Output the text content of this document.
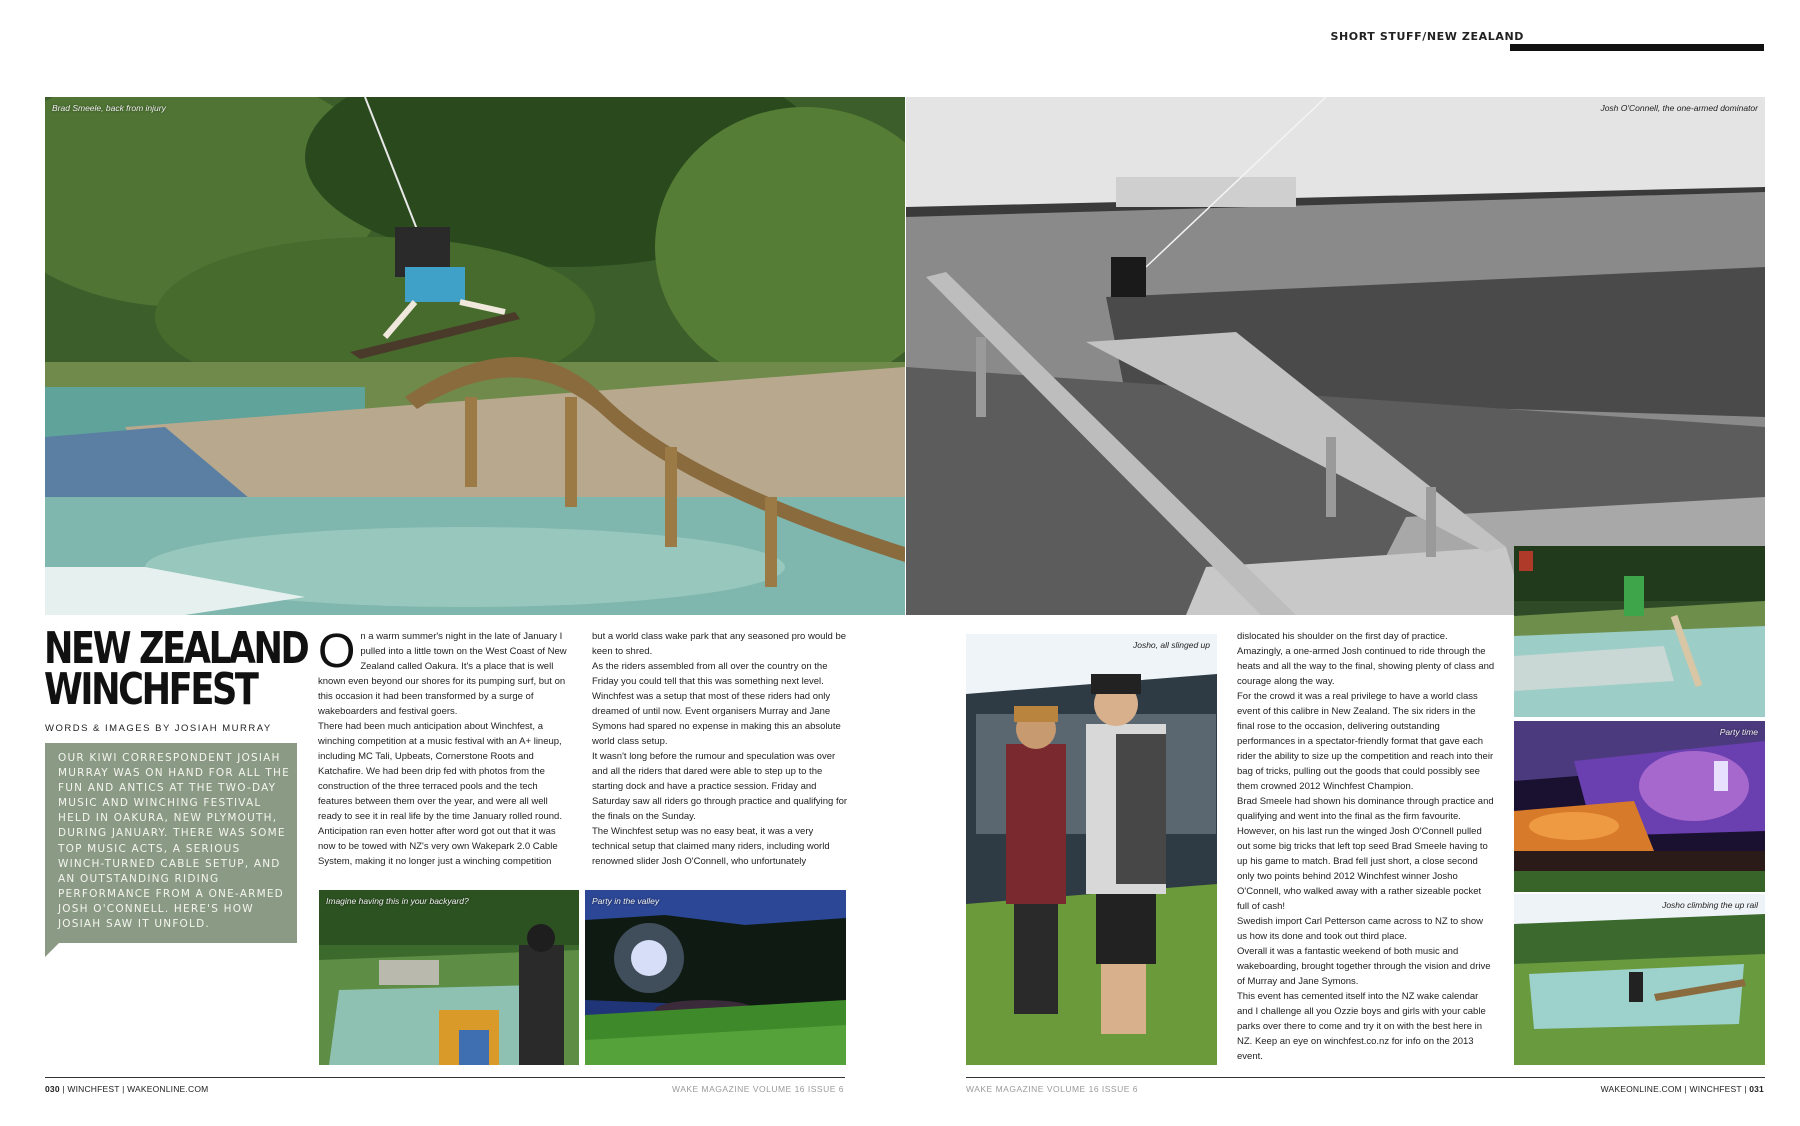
SHORT STUFF/NEW ZEALAND
Brad Smeele, back from injury	Josh O'Connell, the one-armed dominator
Imagine having this in your backyard?	Party in the valley
Josho, all slinged up
Party time
Josho climbing the up rail
NEW ZEALAND
WINCHFEST
WORDS & IMAGES BY JOSIAH MURRAY
OUR KIWI CORRESPONDENT JOSIAH MURRAY WAS ON HAND FOR ALL THE FUN AND ANTICS AT THE TWO-DAY MUSIC AND WINCHING FESTIVAL HELD IN OAKURA, NEW PLYMOUTH, DURING JANUARY. THERE WAS SOME TOP MUSIC ACTS, A SERIOUS WINCH-TURNED CABLE SETUP, AND AN OUTSTANDING RIDING PERFORMANCE FROM A ONE-ARMED JOSH O'CONNELL. HERE'S HOW JOSIAH SAW IT UNFOLD.
O n a warm summer's night in the late of January I pulled into a little town on the West Coast of New Zealand called Oakura. It's a place that is well known even beyond our shores for its pumping surf, but on this occasion it had been transformed by a surge of wakeboarders and festival goers.

There had been much anticipation about Winchfest, a winching competition at a music festival with an A+ lineup, including MC Tali, Upbeats, Cornerstone Roots and Katchafire. We had been drip fed with photos from the construction of the three terraced pools and the tech features between them over the year, and were all well ready to see it in real life by the time January rolled round. Anticipation ran even hotter after word got out that it was now to be towed with NZ's very own Wakepark 2.0 Cable System, making it no longer just a winching competition

but a world class wake park that any seasoned pro would be keen to shred.

As the riders assembled from all over the country on the Friday you could tell that this was something next level. Winchfest was a setup that most of these riders had only dreamed of until now. Event organisers Murray and Jane Symons had spared no expense in making this an absolute world class setup.

It wasn't long before the rumour and speculation was over and all the riders that dared were able to step up to the starting dock and have a practice session. Friday and Saturday saw all riders go through practice and qualifying for the finals on the Sunday.

The Winchfest setup was no easy beat, it was a very technical setup that claimed many riders, including world renowned slider Josh O'Connell, who unfortunately

dislocated his shoulder on the first day of practice. Amazingly, a one-armed Josh continued to ride through the heats and all the way to the final, showing plenty of class and courage along the way.

For the crowd it was a real privilege to have a world class event of this calibre in New Zealand. The six riders in the final rose to the occasion, delivering outstanding performances in a spectator-friendly format that gave each rider the ability to size up the competition and reach into their bag of tricks, pulling out the goods that could possibly see them crowned 2012 Winchfest Champion.

Brad Smeele had shown his dominance through practice and qualifying and went into the final as the firm favourite. However, on his last run the winged Josh O'Connell pulled out some big tricks that left top seed Brad Smeele having to up his game to match. Brad fell just short, a close second only two points behind 2012 Winchfest winner Josho O'Connell, who walked away with a rather sizeable pocket full of cash!

Swedish import Carl Petterson came across to NZ to show us how its done and took out third place.

Overall it was a fantastic weekend of both music and wakeboarding, brought together through the vision and drive of Murray and Jane Symons.

This event has cemented itself into the NZ wake calendar and I challenge all you Ozzie boys and girls with your cable parks over there to come and try it on with the best here in NZ. Keep an eye on winchfest.co.nz for info on the 2013 event.

030 | WINCHFEST | WAKEONLINE.COM	WAKE MAGAZINE VOLUME 16 ISSUE 6	WAKE MAGAZINE VOLUME 16 ISSUE 6	WAKEONLINE.COM | WINCHFEST | 031
